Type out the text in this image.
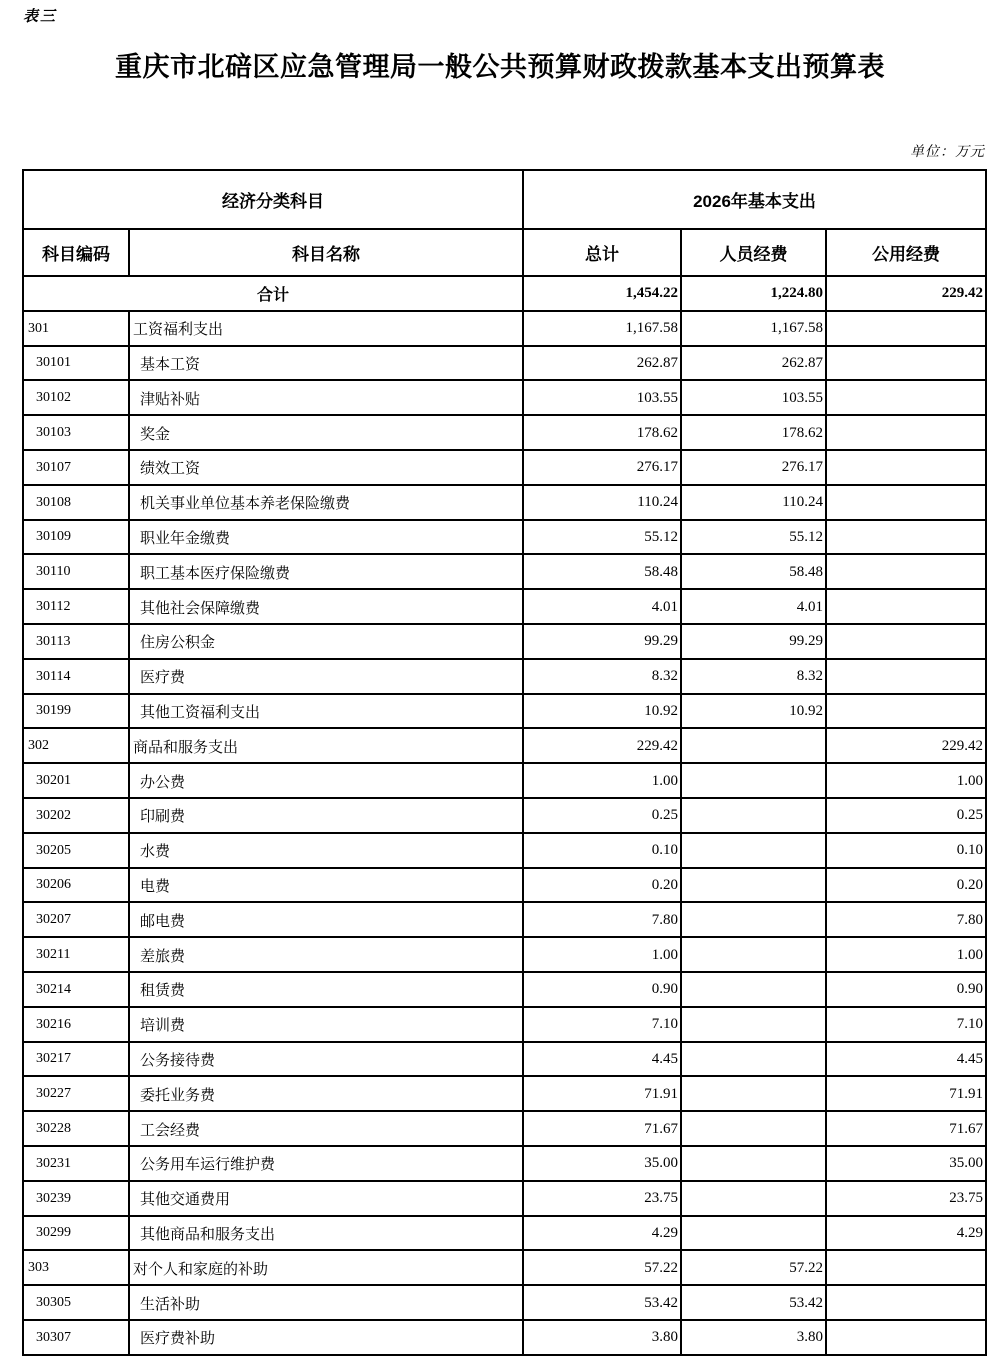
表三
重庆市北碚区应急管理局一般公共预算财政拨款基本支出预算表
单位：万元
经济分类科目		2026年基本支出		
科目编码	科目名称	总计	人员经费	公用经费
合计		1,454.22	1,224.80	229.42
301	工资福利支出	1,167.58	1,167.58	
30101	基本工资	262.87	262.87	
30102	津贴补贴	103.55	103.55	
30103	奖金	178.62	178.62	
30107	绩效工资	276.17	276.17	
30108	机关事业单位基本养老保险缴费	110.24	110.24	
30109	职业年金缴费	55.12	55.12	
30110	职工基本医疗保险缴费	58.48	58.48	
30112	其他社会保障缴费	4.01	4.01	
30113	住房公积金	99.29	99.29	
30114	医疗费	8.32	8.32	
30199	其他工资福利支出	10.92	10.92	
302	商品和服务支出	229.42		229.42
30201	办公费	1.00		1.00
30202	印刷费	0.25		0.25
30205	水费	0.10		0.10
30206	电费	0.20		0.20
30207	邮电费	7.80		7.80
30211	差旅费	1.00		1.00
30214	租赁费	0.90		0.90
30216	培训费	7.10		7.10
30217	公务接待费	4.45		4.45
30227	委托业务费	71.91		71.91
30228	工会经费	71.67		71.67
30231	公务用车运行维护费	35.00		35.00
30239	其他交通费用	23.75		23.75
30299	其他商品和服务支出	4.29		4.29
303	对个人和家庭的补助	57.22	57.22	
30305	生活补助	53.42	53.42	
30307	医疗费补助	3.80	3.80	
